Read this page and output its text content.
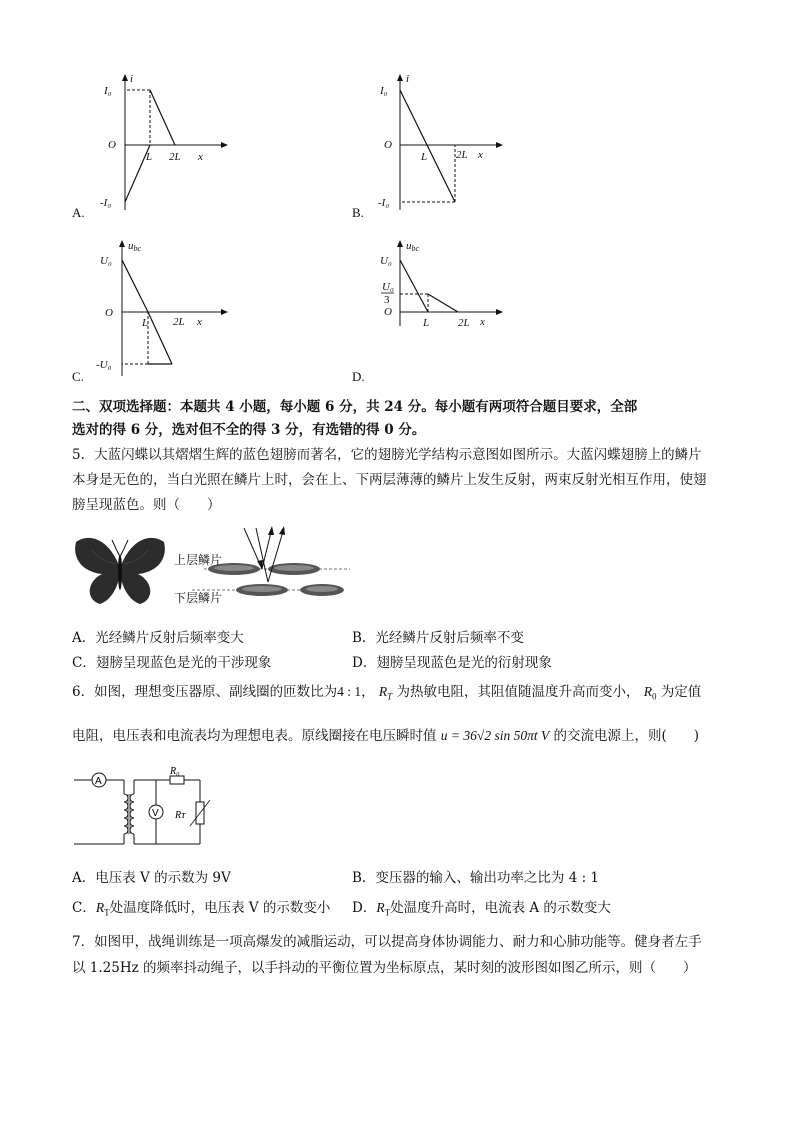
i
I₀
O
-I₀
L 2L x
A.
i
I₀
O
-I₀
L	2L x
B.
ubc
U₀
O
-U₀
L 2L x
C.
ubc
U₀
U₀
3
O
L	2L x
D.
二、双项选择题：本题共 4 小题，每小题 6 分，共 24 分。每小题有两项符合题目要求，全部
选对的得 6 分，选对但不全的得 3 分，有选错的得 0 分。
5．大蓝闪蝶以其熠熠生辉的蓝色翅膀而著名，它的翅膀光学结构示意图如图所示。大蓝闪蝶翅膀上的鳞片
本身是无色的，当白光照在鳞片上时，会在上、下两层薄薄的鳞片上发生反射，两束反射光相互作用，使翅
膀呈现蓝色。则（　　）
上层鳞片
下层鳞片
A．光经鳞片反射后频率变大	B．光经鳞片反射后频率不变
C．翅膀呈现蓝色是光的干涉现象	D．翅膀呈现蓝色是光的衍射现象
6．如图，理想变压器原、副线圈的匝数比为4 : 1， $R_T$ 为热敏电阻，其阻值随温度升高而变小， $R_0$ 为定值
电阻，电压表和电流表均为理想电表。原线圈接在电压瞬时值 u = 36√2 sin 50πt V 的交流电源上，则(　　)
A
V
R₀
Rᴛ
A．电压表 V 的示数为 9V	B．变压器的输入、输出功率之比为 4 : 1
C．$R_T$处温度降低时，电压表 V 的示数变小 D．$R_T$处温度升高时，电流表 A 的示数变大
7．如图甲，战绳训练是一项高爆发的减脂运动，可以提高身体协调能力、耐力和心肺功能等。健身者左手
以 1.25Hz 的频率抖动绳子，以手抖动的平衡位置为坐标原点，某时刻的波形图如图乙所示，则（　　）
